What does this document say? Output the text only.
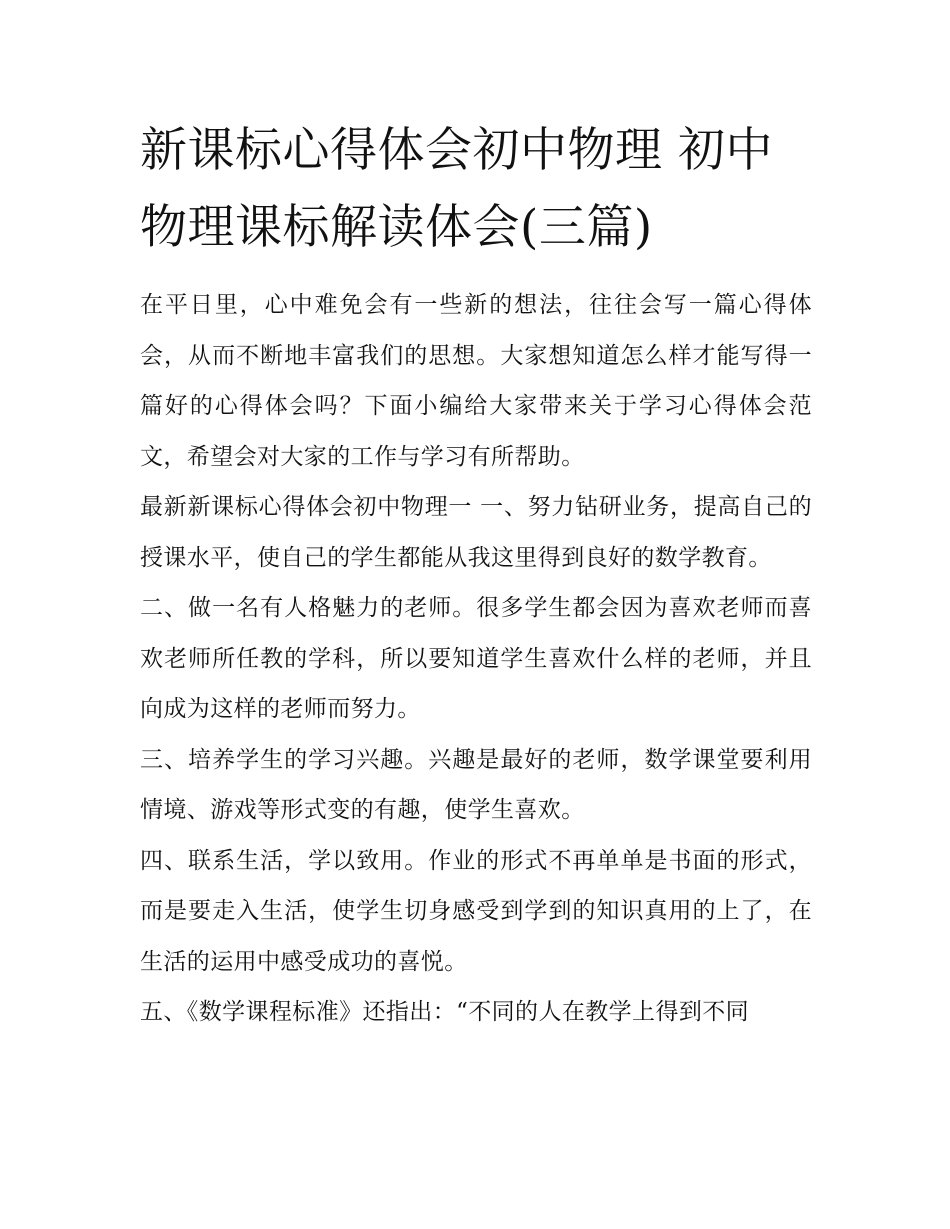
新课标心得体会初中物理 初中物理课标解读体会(三篇)

在平日里，心中难免会有一些新的想法，往往会写一篇心得体会，从而不断地丰富我们的思想。大家想知道怎么样才能写得一篇好的心得体会吗？下面小编给大家带来关于学习心得体会范文，希望会对大家的工作与学习有所帮助。

最新新课标心得体会初中物理一 一、努力钻研业务，提高自己的授课水平，使自己的学生都能从我这里得到良好的数学教育。

二、做一名有人格魅力的老师。很多学生都会因为喜欢老师而喜欢老师所任教的学科，所以要知道学生喜欢什么样的老师，并且向成为这样的老师而努力。

三、培养学生的学习兴趣。兴趣是最好的老师，数学课堂要利用情境、游戏等形式变的有趣，使学生喜欢。

四、联系生活，学以致用。作业的形式不再单单是书面的形式，而是要走入生活，使学生切身感受到学到的知识真用的上了，在生活的运用中感受成功的喜悦。

五、《数学课程标准》还指出：“不同的人在教学上得到不同
